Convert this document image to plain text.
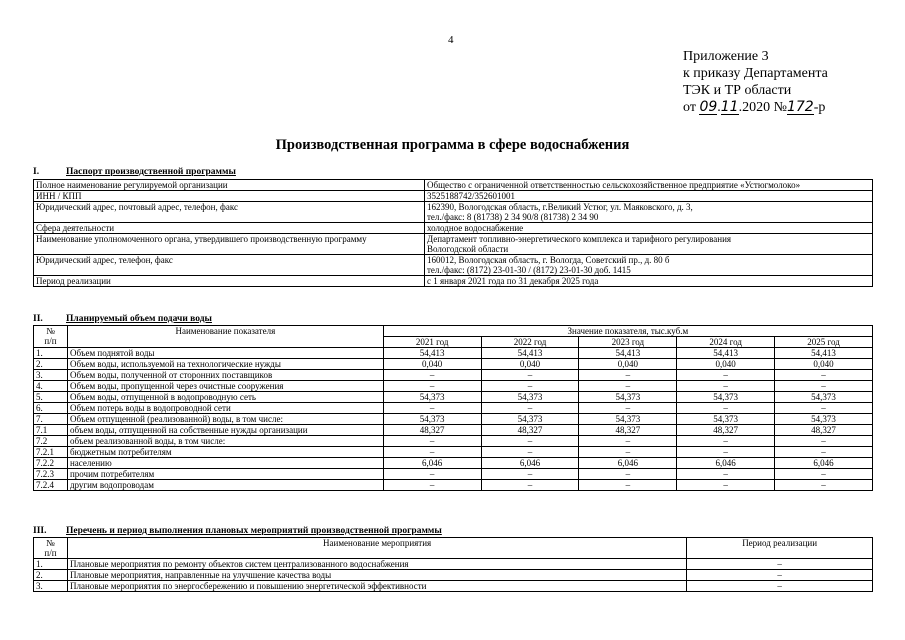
4
Приложение 3
к приказу Департамента
ТЭК и ТР области
от 09.11.2020 №172-р
Производственная программа в сфере водоснабжения
I.	Паспорт производственной программы
Полное наименование регулируемой организации	Общество с ограниченной ответственностью сельскохозяйственное предприятие «Устюгмолоко»
ИНН / КПП	3525188742/352601001
Юридический адрес, почтовый адрес, телефон, факс	162390, Вологодская область, г.Великий Устюг, ул. Маяковского, д. 3,
тел./факс: 8 (81738) 2 34 90/8 (81738) 2 34 90

Сфера деятельности	холодное водоснабжение
Наименование уполномоченного органа, утвердившего производственную программу	Департамент топливно-энергетического комплекса и тарифного регулирования
Вологодской области

Юридический адрес, телефон, факс	160012, Вологодская область, г. Вологда, Советский пр., д. 80 б
тел./факс: (8172) 23-01-30 / (8172) 23-01-30 доб. 1415

Период реализации	с 1 января 2021 года по 31 декабря 2025 года
II. Планируемый объем подачи воды
№
п/п	Наименование показателя	Значение показателя, тыс.куб.м				
		2021 год	2022 год	2023 год	2024 год	2025 год
1.	Объем поднятой воды	54,413	54,413	54,413	54,413	54,413
2.	Объем воды, используемой на технологические нужды	0,040	0,040	0,040	0,040	0,040
3.	Объем воды, полученной от сторонних поставщиков	–	–	–	–	–
4.	Объем воды, пропущенной через очистные сооружения	–	–	–	–	–
5.	Объем воды, отпущенной в водопроводную сеть	54,373	54,373	54,373	54,373	54,373
6.	Объем потерь воды в водопроводной сети	–	–	–	–	–
7.	Объем отпущенной (реализованной) воды, в том числе:	54,373	54,373	54,373	54,373	54,373
7.1	объем воды, отпущенной на собственные нужды организации	48,327	48,327	48,327	48,327	48,327
7.2	объем реализованной воды, в том числе:	–	–	–	–	–
7.2.1	бюджетным потребителям	–	–	–	–	–
7.2.2	населению	6,046	6,046	6,046	6,046	6,046
7.2.3	прочим потребителям	–	–	–	–	–
7.2.4	другим водопроводам	–	–	–	–	–
III. Перечень и период выполнения плановых мероприятий производственной программы
№
п/п	Наименование мероприятия	Период реализации
1.	Плановые мероприятия по ремонту объектов систем централизованного водоснабжения	–
2.	Плановые мероприятия, направленные на улучшение качества воды	–
3.	Плановые мероприятия по энергосбережению и повышению энергетической эффективности	–
